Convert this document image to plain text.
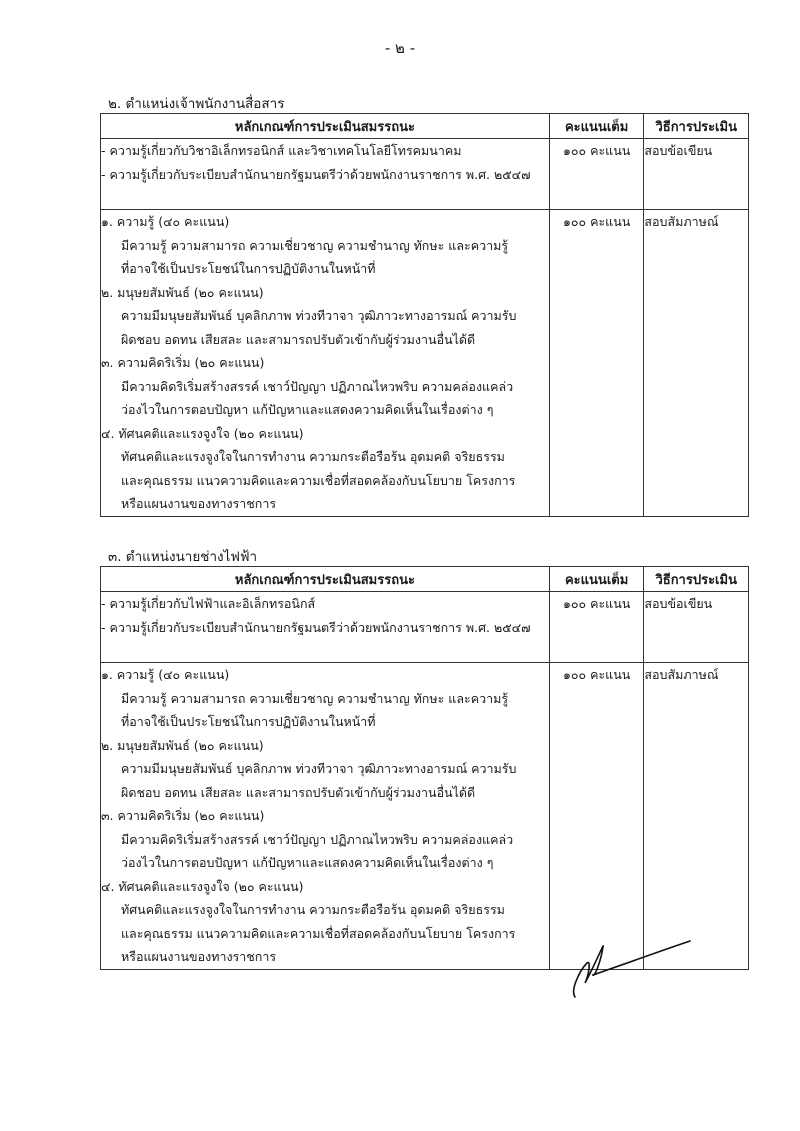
- ๒ -
๒. ตำแหน่งเจ้าพนักงานสื่อสาร
หลักเกณฑ์การประเมินสมรรถนะ	คะแนนเต็ม	วิธีการประเมิน

- ความรู้เกี่ยวกับวิชาอิเล็กทรอนิกส์ และวิชาเทคโนโลยีโทรคมนาคม
- ความรู้เกี่ยวกับระเบียบสำนักนายกรัฐมนตรีว่าด้วยพนักงานราชการ พ.ศ. ๒๕๔๗	๑๐๐ คะแนน	สอบข้อเขียน

๑. ความรู้ (๔๐ คะแนน)
มีความรู้ ความสามารถ ความเชี่ยวชาญ ความชำนาญ ทักษะ และความรู้
ที่อาจใช้เป็นประโยชน์ในการปฏิบัติงานในหน้าที่
๒. มนุษยสัมพันธ์ (๒๐ คะแนน)
ความมีมนุษยสัมพันธ์ บุคลิกภาพ ท่วงทีวาจา วุฒิภาวะทางอารมณ์ ความรับ
ผิดชอบ อดทน เสียสละ และสามารถปรับตัวเข้ากับผู้ร่วมงานอื่นได้ดี
๓. ความคิดริเริ่ม (๒๐ คะแนน)
มีความคิดริเริ่มสร้างสรรค์ เชาว์ปัญญา ปฏิภาณไหวพริบ ความคล่องแคล่ว
ว่องไวในการตอบปัญหา แก้ปัญหาและแสดงความคิดเห็นในเรื่องต่าง ๆ
๔. ทัศนคติและแรงจูงใจ (๒๐ คะแนน)
ทัศนคติและแรงจูงใจในการทำงาน ความกระตือรือร้น อุดมคติ จริยธรรม
และคุณธรรม แนวความคิดและความเชื่อที่สอดคล้องกับนโยบาย โครงการ
หรือแผนงานของทางราชการ
	๑๐๐ คะแนน	สอบสัมภาษณ์
๓. ตำแหน่งนายช่างไฟฟ้า
หลักเกณฑ์การประเมินสมรรถนะ	คะแนนเต็ม	วิธีการประเมิน

- ความรู้เกี่ยวกับไฟฟ้าและอิเล็กทรอนิกส์
- ความรู้เกี่ยวกับระเบียบสำนักนายกรัฐมนตรีว่าด้วยพนักงานราชการ พ.ศ. ๒๕๔๗	๑๐๐ คะแนน	สอบข้อเขียน

๑. ความรู้ (๔๐ คะแนน)
มีความรู้ ความสามารถ ความเชี่ยวชาญ ความชำนาญ ทักษะ และความรู้
ที่อาจใช้เป็นประโยชน์ในการปฏิบัติงานในหน้าที่
๒. มนุษยสัมพันธ์ (๒๐ คะแนน)
ความมีมนุษยสัมพันธ์ บุคลิกภาพ ท่วงทีวาจา วุฒิภาวะทางอารมณ์ ความรับ
ผิดชอบ อดทน เสียสละ และสามารถปรับตัวเข้ากับผู้ร่วมงานอื่นได้ดี
๓. ความคิดริเริ่ม (๒๐ คะแนน)
มีความคิดริเริ่มสร้างสรรค์ เชาว์ปัญญา ปฏิภาณไหวพริบ ความคล่องแคล่ว
ว่องไวในการตอบปัญหา แก้ปัญหาและแสดงความคิดเห็นในเรื่องต่าง ๆ
๔. ทัศนคติและแรงจูงใจ (๒๐ คะแนน)
ทัศนคติและแรงจูงใจในการทำงาน ความกระตือรือร้น อุดมคติ จริยธรรม
และคุณธรรม แนวความคิดและความเชื่อที่สอดคล้องกับนโยบาย โครงการ
หรือแผนงานของทางราชการ
	๑๐๐ คะแนน	สอบสัมภาษณ์
